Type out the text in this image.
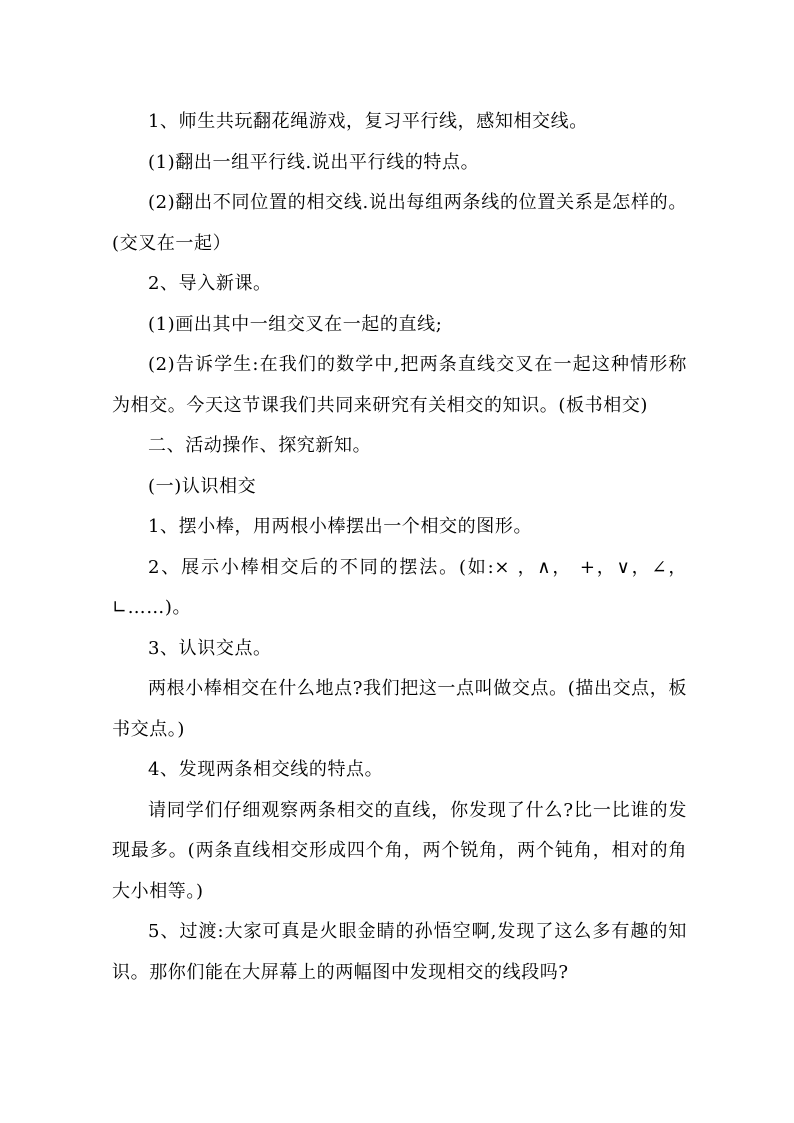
1、师生共玩翻花绳游戏，复习平行线，感知相交线。

(1)翻出一组平行线.说出平行线的特点。

(2)翻出不同位置的相交线.说出每组两条线的位置关系是怎样的。(交叉在一起）

2、导入新课。

(1)画出其中一组交叉在一起的直线;

(2)告诉学生:在我们的数学中,把两条直线交叉在一起这种情形称为相交。今天这节课我们共同来研究有关相交的知识。(板书相交)

二、活动操作、探究新知。

(一)认识相交

1、摆小棒，用两根小棒摆出一个相交的图形。

2、展示小棒相交后的不同的摆法。(如:× ，∧， +，∨，∠，∟……)。

3、认识交点。

两根小棒相交在什么地点?我们把这一点叫做交点。(描出交点，板书交点。)

4、发现两条相交线的特点。

请同学们仔细观察两条相交的直线，你发现了什么?比一比谁的发现最多。(两条直线相交形成四个角，两个锐角，两个钝角，相对的角大小相等。)

5、过渡:大家可真是火眼金睛的孙悟空啊,发现了这么多有趣的知识。那你们能在大屏幕上的两幅图中发现相交的线段吗?
